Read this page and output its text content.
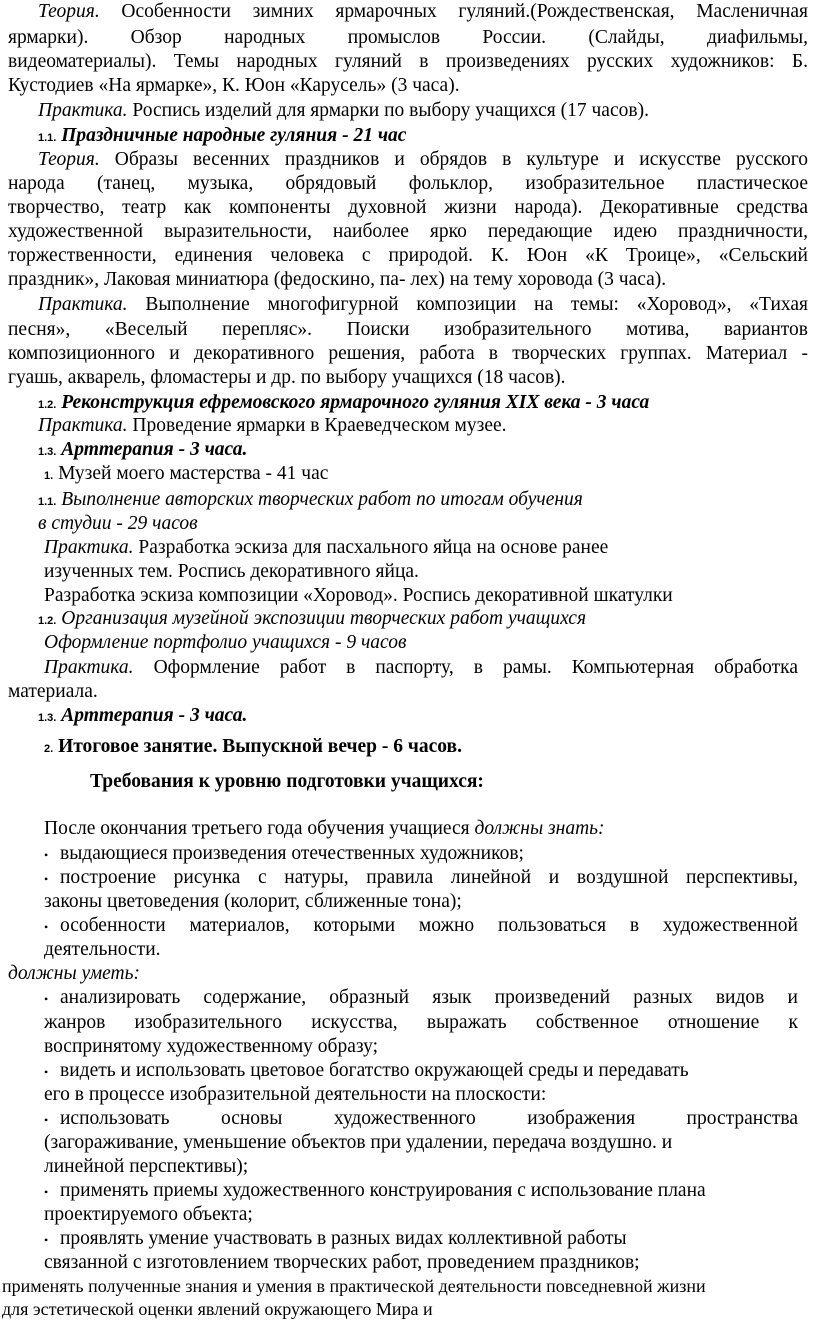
Теория. Особенности зимних ярмарочных гуляний.(Рождественская, Масленичная
ярмарки). Обзор народных промыслов России. (Слайды, диафильмы,
видеоматериалы). Темы народных гуляний в произведениях русских художников: Б.
Кустодиев «На ярмарке», К. Юон «Карусель» (3 часа).
Практика. Роспись изделий для ярмарки по выбору учащихся (17 часов).
1.1. Праздничные народные гуляния - 21 час
Теория. Образы весенних праздников и обрядов в культуре и искусстве русского
народа (танец, музыка, обрядовый фольклор, изобразительное пластическое
творчество, театр как компоненты духовной жизни народа). Декоративные средства
художественной выразительности, наиболее ярко передающие идею праздничности,
торжественности, единения человека с природой. К. Юон «К Троице», «Сельский
праздник», Лаковая миниатюра (федоскино, па- лех) на тему хоровода (3 часа).
Практика. Выполнение многофигурной композиции на темы: «Хоровод», «Тихая
песня», «Веселый перепляс». Поиски изобразительного мотива, вариантов
композиционного и декоративного решения, работа в творческих группах. Материал -
гуашь, акварель, фломастеры и др. по выбору учащихся (18 часов).
1.2. Реконструкция ефремовского ярмарочного гуляния XIX века - 3 часа
Практика. Проведение ярмарки в Краеведческом музее.
1.3. Арттерапия - 3 часа.
1. Музей моего мастерства - 41 час
1.1. Выполнение авторских творческих работ по итогам обучения
в студии - 29 часов
Практика. Разработка эскиза для пасхального яйца на основе ранее
изученных тем. Роспись декоративного яйца.
Разработка эскиза композиции «Хоровод». Роспись декоративной шкатулки
1.2. Организация музейной экспозиции творческих работ учащихся
Оформление портфолио учащихся - 9 часов
Практика. Оформление работ в паспорту, в рамы. Компьютерная обработка
материала.
1.3. Арттерапия - 3 часа.
2. Итоговое занятие. Выпускной вечер - 6 часов.
Требования к уровню подготовки учащихся:
После окончания третьего года обучения учащиеся должны знать:
• выдающиеся произведения отечественных художников;
• построение рисунка с натуры, правила линейной и воздушной перспективы,
законы цветоведения (колорит, сближенные тона);
• особенности материалов, которыми можно пользоваться в художественной
деятельности.
должны уметь:
• анализировать содержание, образный язык произведений разных видов и
жанров изобразительного искусства, выражать собственное отношение к
воспринятому художественному образу;
• видеть и использовать цветовое богатство окружающей среды и передавать
его в процессе изобразительной деятельности на плоскости:
• использовать основы художественного изображения пространства
(загораживание, уменьшение объектов при удалении, передача воздушно. и
линейной перспективы);
• применять приемы художественного конструирования с использование плана
проектируемого объекта;
• проявлять умение участвовать в разных видах коллективной работы
связанной с изготовлением творческих работ, проведением праздников;
применять полученные знания и умения в практической деятельности повседневной жизни
для эстетической оценки явлений окружающего Мира и
